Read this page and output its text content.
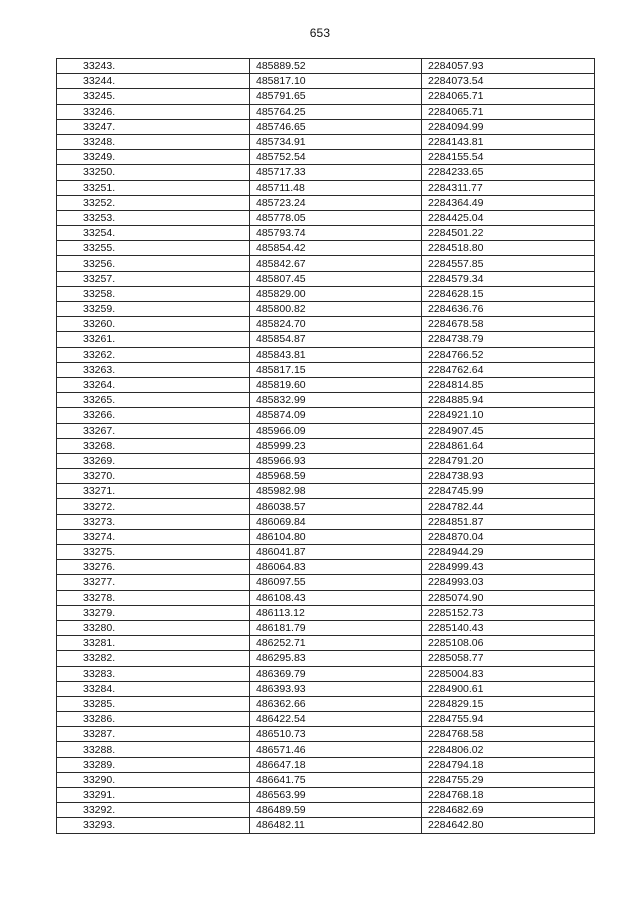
653
33243.	485889.52	2284057.93
33244.	485817.10	2284073.54
33245.	485791.65	2284065.71
33246.	485764.25	2284065.71
33247.	485746.65	2284094.99
33248.	485734.91	2284143.81
33249.	485752.54	2284155.54
33250.	485717.33	2284233.65
33251.	485711.48	2284311.77
33252.	485723.24	2284364.49
33253.	485778.05	2284425.04
33254.	485793.74	2284501.22
33255.	485854.42	2284518.80
33256.	485842.67	2284557.85
33257.	485807.45	2284579.34
33258.	485829.00	2284628.15
33259.	485800.82	2284636.76
33260.	485824.70	2284678.58
33261.	485854.87	2284738.79
33262.	485843.81	2284766.52
33263.	485817.15	2284762.64
33264.	485819.60	2284814.85
33265.	485832.99	2284885.94
33266.	485874.09	2284921.10
33267.	485966.09	2284907.45
33268.	485999.23	2284861.64
33269.	485966.93	2284791.20
33270.	485968.59	2284738.93
33271.	485982.98	2284745.99
33272.	486038.57	2284782.44
33273.	486069.84	2284851.87
33274.	486104.80	2284870.04
33275.	486041.87	2284944.29
33276.	486064.83	2284999.43
33277.	486097.55	2284993.03
33278.	486108.43	2285074.90
33279.	486113.12	2285152.73
33280.	486181.79	2285140.43
33281.	486252.71	2285108.06
33282.	486295.83	2285058.77
33283.	486369.79	2285004.83
33284.	486393.93	2284900.61
33285.	486362.66	2284829.15
33286.	486422.54	2284755.94
33287.	486510.73	2284768.58
33288.	486571.46	2284806.02
33289.	486647.18	2284794.18
33290.	486641.75	2284755.29
33291.	486563.99	2284768.18
33292.	486489.59	2284682.69
33293.	486482.11	2284642.80
